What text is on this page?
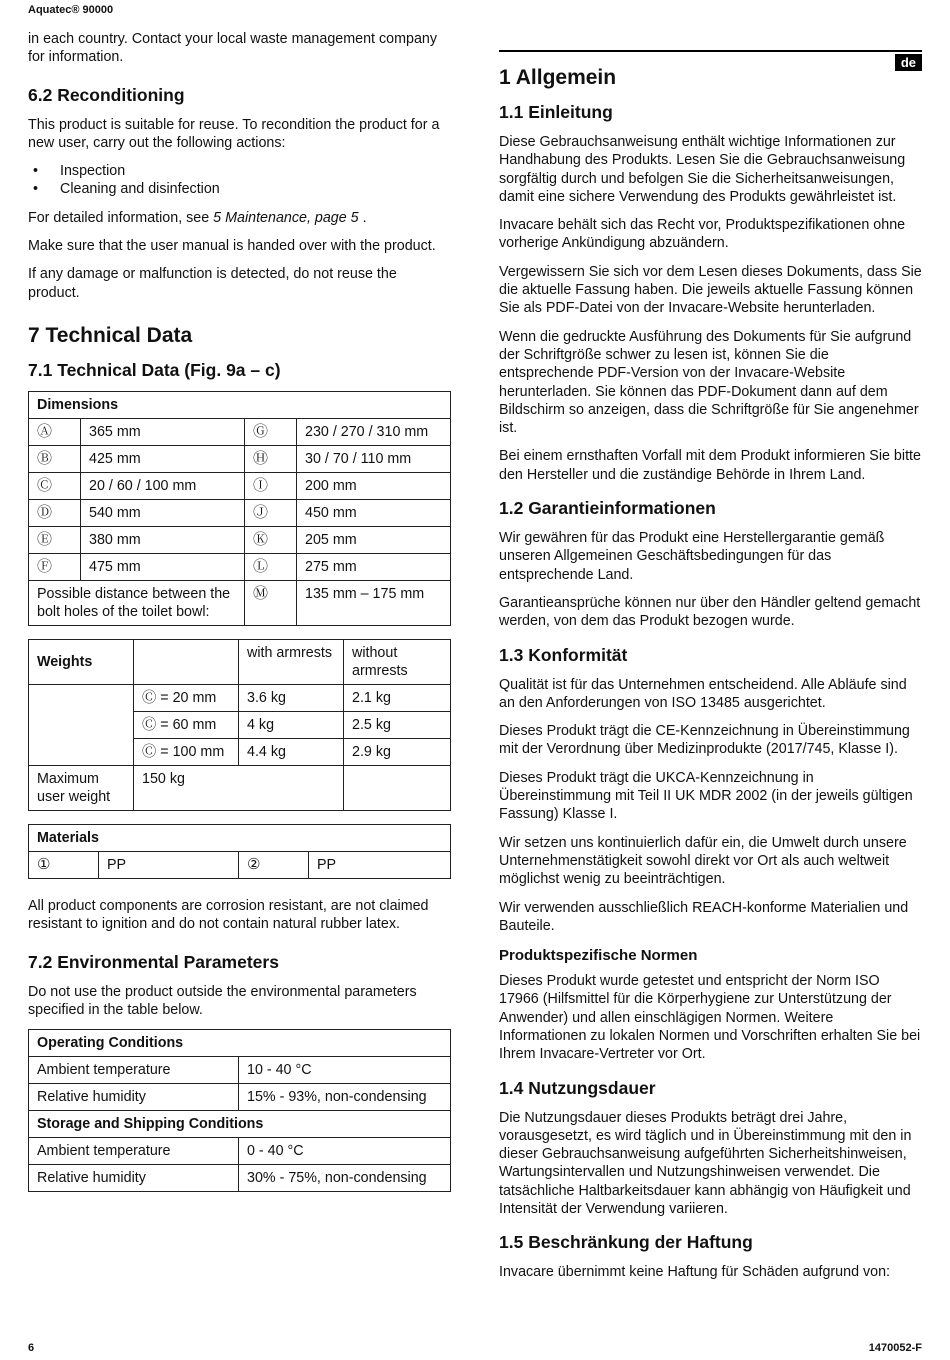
Aquatec® 90000

in each country. Contact your local waste management company for information.

6.2 Reconditioning

This product is suitable for reuse. To recondition the product for a new user, carry out the following actions:

• Inspection
• Cleaning and disinfection

For detailed information, see 5 Maintenance, page 5 .

Make sure that the user manual is handed over with the product.

If any damage or malfunction is detected, do not reuse the product.

7 Technical Data
7.1 Technical Data (Fig. 9a – c)
Dimensions			
Ⓐ	365 mm	Ⓖ	230 / 270 / 310 mm
Ⓑ	425 mm	Ⓗ	30 / 70 / 110 mm
Ⓒ	20 / 60 / 100 mm	Ⓘ	200 mm
Ⓓ	540 mm	Ⓙ	450 mm
Ⓔ	380 mm	Ⓚ	205 mm
Ⓕ	475 mm	Ⓛ	275 mm
Possible distance between the bolt holes of the toilet bowl:		Ⓜ	135 mm – 175 mm
Weights		with armrests	without armrests
	Ⓒ = 20 mm	3.6 kg	2.1 kg
	Ⓒ = 60 mm	4 kg	2.5 kg
	Ⓒ = 100 mm	4.4 kg	2.9 kg
Maximum user weight	150 kg		
Materials
①	PP	②	PP

All product components are corrosion resistant, are not claimed resistant to ignition and do not contain natural rubber latex.

7.2 Environmental Parameters

Do not use the product outside the environmental parameters specified in the table below.

Operating Conditions	
Ambient temperature	10 - 40 °C
Relative humidity	15% - 93%, non-condensing
Storage and Shipping Conditions	
Ambient temperature	0 - 40 °C
Relative humidity	30% - 75%, non-condensing
de
1 Allgemein
1.1 Einleitung

Diese Gebrauchsanweisung enthält wichtige Informationen zur Handhabung des Produkts. Lesen Sie die Gebrauchsanweisung sorgfältig durch und befolgen Sie die Sicherheitsanweisungen, damit eine sichere Verwendung des Produkts gewährleistet ist.

Invacare behält sich das Recht vor, Produktspezifikationen ohne vorherige Ankündigung abzuändern.

Vergewissern Sie sich vor dem Lesen dieses Dokuments, dass Sie die aktuelle Fassung haben. Die jeweils aktuelle Fassung können Sie als PDF-Datei von der Invacare-Website herunterladen.

Wenn die gedruckte Ausführung des Dokuments für Sie aufgrund der Schriftgröße schwer zu lesen ist, können Sie die entsprechende PDF-Version von der Invacare-Website herunterladen. Sie können das PDF-Dokument dann auf dem Bildschirm so anzeigen, dass die Schriftgröße für Sie angenehmer ist.

Bei einem ernsthaften Vorfall mit dem Produkt informieren Sie bitte den Hersteller und die zuständige Behörde in Ihrem Land.

1.2 Garantieinformationen

Wir gewähren für das Produkt eine Herstellergarantie gemäß unseren Allgemeinen Geschäftsbedingungen für das entsprechende Land.

Garantieansprüche können nur über den Händler geltend gemacht werden, von dem das Produkt bezogen wurde.

1.3 Konformität

Qualität ist für das Unternehmen entscheidend. Alle Abläufe sind an den Anforderungen von ISO 13485 ausgerichtet.

Dieses Produkt trägt die CE-Kennzeichnung in Übereinstimmung mit der Verordnung über Medizinprodukte (2017/745, Klasse I).

Dieses Produkt trägt die UKCA-Kennzeichnung in Übereinstimmung mit Teil II UK MDR 2002 (in der jeweils gültigen Fassung) Klasse I.

Wir setzen uns kontinuierlich dafür ein, die Umwelt durch unsere Unternehmenstätigkeit sowohl direkt vor Ort als auch weltweit möglichst wenig zu beeinträchtigen.

Wir verwenden ausschließlich REACH-konforme Materialien und Bauteile.

Produktspezifische Normen

Dieses Produkt wurde getestet und entspricht der Norm ISO 17966 (Hilfsmittel für die Körperhygiene zur Unterstützung der Anwender) und allen einschlägigen Normen. Weitere Informationen zu lokalen Normen und Vorschriften erhalten Sie bei Ihrem Invacare-Vertreter vor Ort.

1.4 Nutzungsdauer

Die Nutzungsdauer dieses Produkts beträgt drei Jahre, vorausgesetzt, es wird täglich und in Übereinstimmung mit den in dieser Gebrauchsanweisung aufgeführten Sicherheitshinweisen, Wartungsintervallen und Nutzungshinweisen verwendet. Die tatsächliche Haltbarkeitsdauer kann abhängig von Häufigkeit und Intensität der Verwendung variieren.

1.5 Beschränkung der Haftung

Invacare übernimmt keine Haftung für Schäden aufgrund von:

6	1470052-F
